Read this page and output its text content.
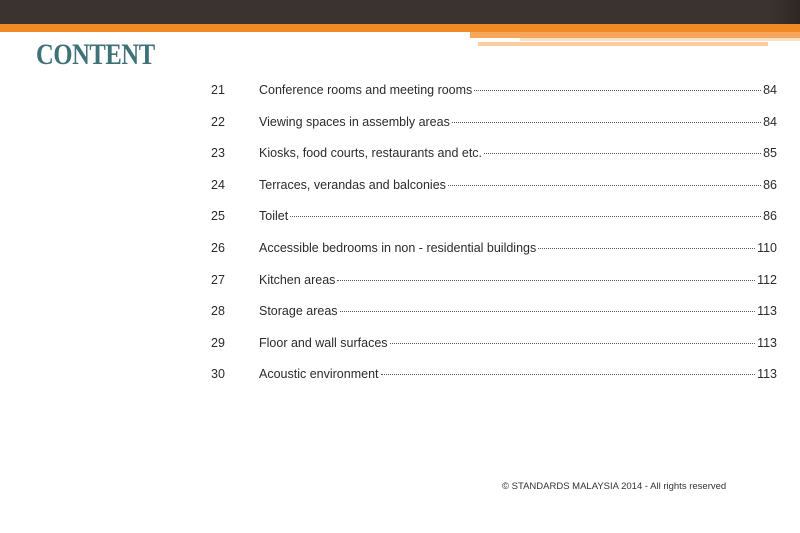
CONTENT
21	Conference rooms and meeting rooms	84
22	Viewing spaces in assembly areas	84
23	Kiosks, food courts, restaurants and etc.	85
24	Terraces, verandas and balconies	86
25	Toilet	86
26	Accessible bedrooms in non - residential buildings	110
27	Kitchen areas	112
28	Storage areas	113
29	Floor and wall surfaces	113
30	Acoustic environment	113
© STANDARDS MALAYSIA 2014 - All rights reserved
